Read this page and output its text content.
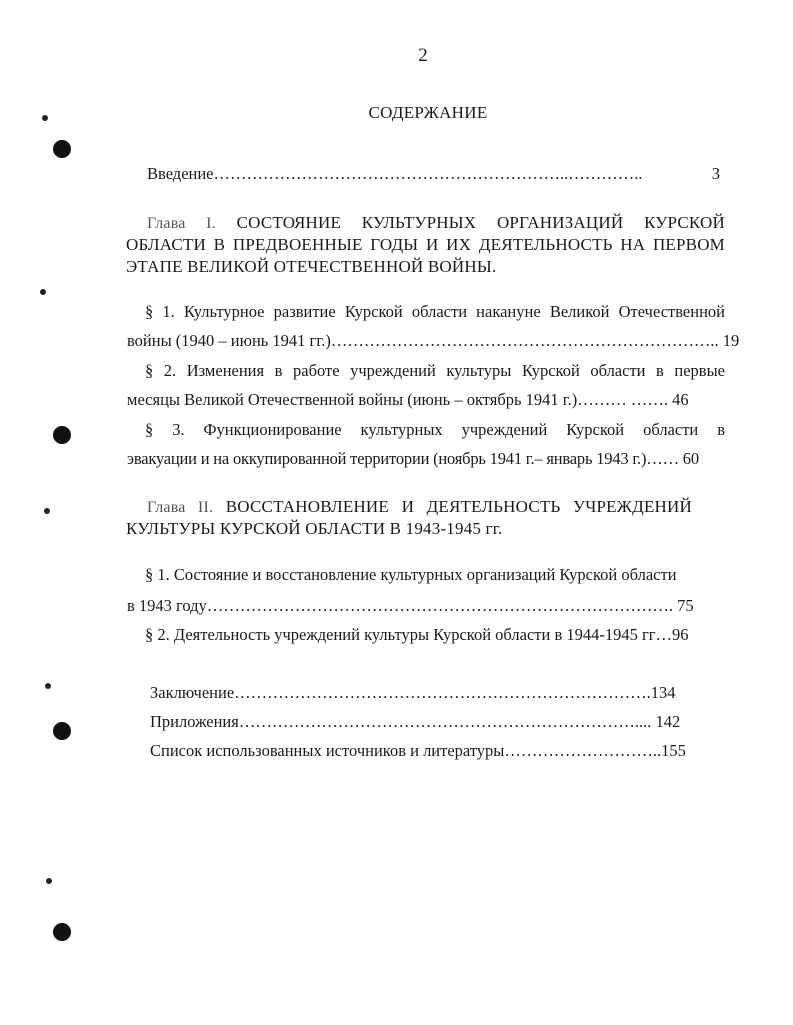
2
СОДЕРЖАНИЕ
Введение………………………………………………………..…………..	3
Глава I. СОСТОЯНИЕ КУЛЬТУРНЫХ ОРГАНИЗАЦИЙ КУРСКОЙ
ОБЛАСТИ В ПРЕДВОЕННЫЕ ГОДЫ И ИХ ДЕЯТЕЛЬНОСТЬ НА ПЕРВОМ
ЭТАПЕ ВЕЛИКОЙ ОТЕЧЕСТВЕННОЙ ВОЙНЫ.
§ 1. Культурное развитие Курской области накануне Великой Отечественной
войны (1940 – июнь 1941 гг.)…………………………………………………………….. 19
§ 2. Изменения в работе учреждений культуры Курской области в первые
месяцы Великой Отечественной войны (июнь – октябрь 1941 г.)……… ……. 46
§ 3. Функционирование культурных учреждений Курской области в
эвакуации и на оккупированной территории (ноябрь 1941 г.– январь 1943 г.)…… 60
Глава II. ВОССТАНОВЛЕНИЕ И ДЕЯТЕЛЬНОСТЬ УЧРЕЖДЕНИЙ
КУЛЬТУРЫ КУРСКОЙ ОБЛАСТИ В 1943-1945 гг.
§ 1. Состояние и восстановление культурных организаций Курской области
в 1943 году…………………………………………………………………………. 75
§ 2. Деятельность учреждений культуры Курской области в 1944-1945 гг…96
Заключение………………………………………………………………….134
Приложения……………………………………………………………….... 142
Список использованных источников и литературы………………………..155
